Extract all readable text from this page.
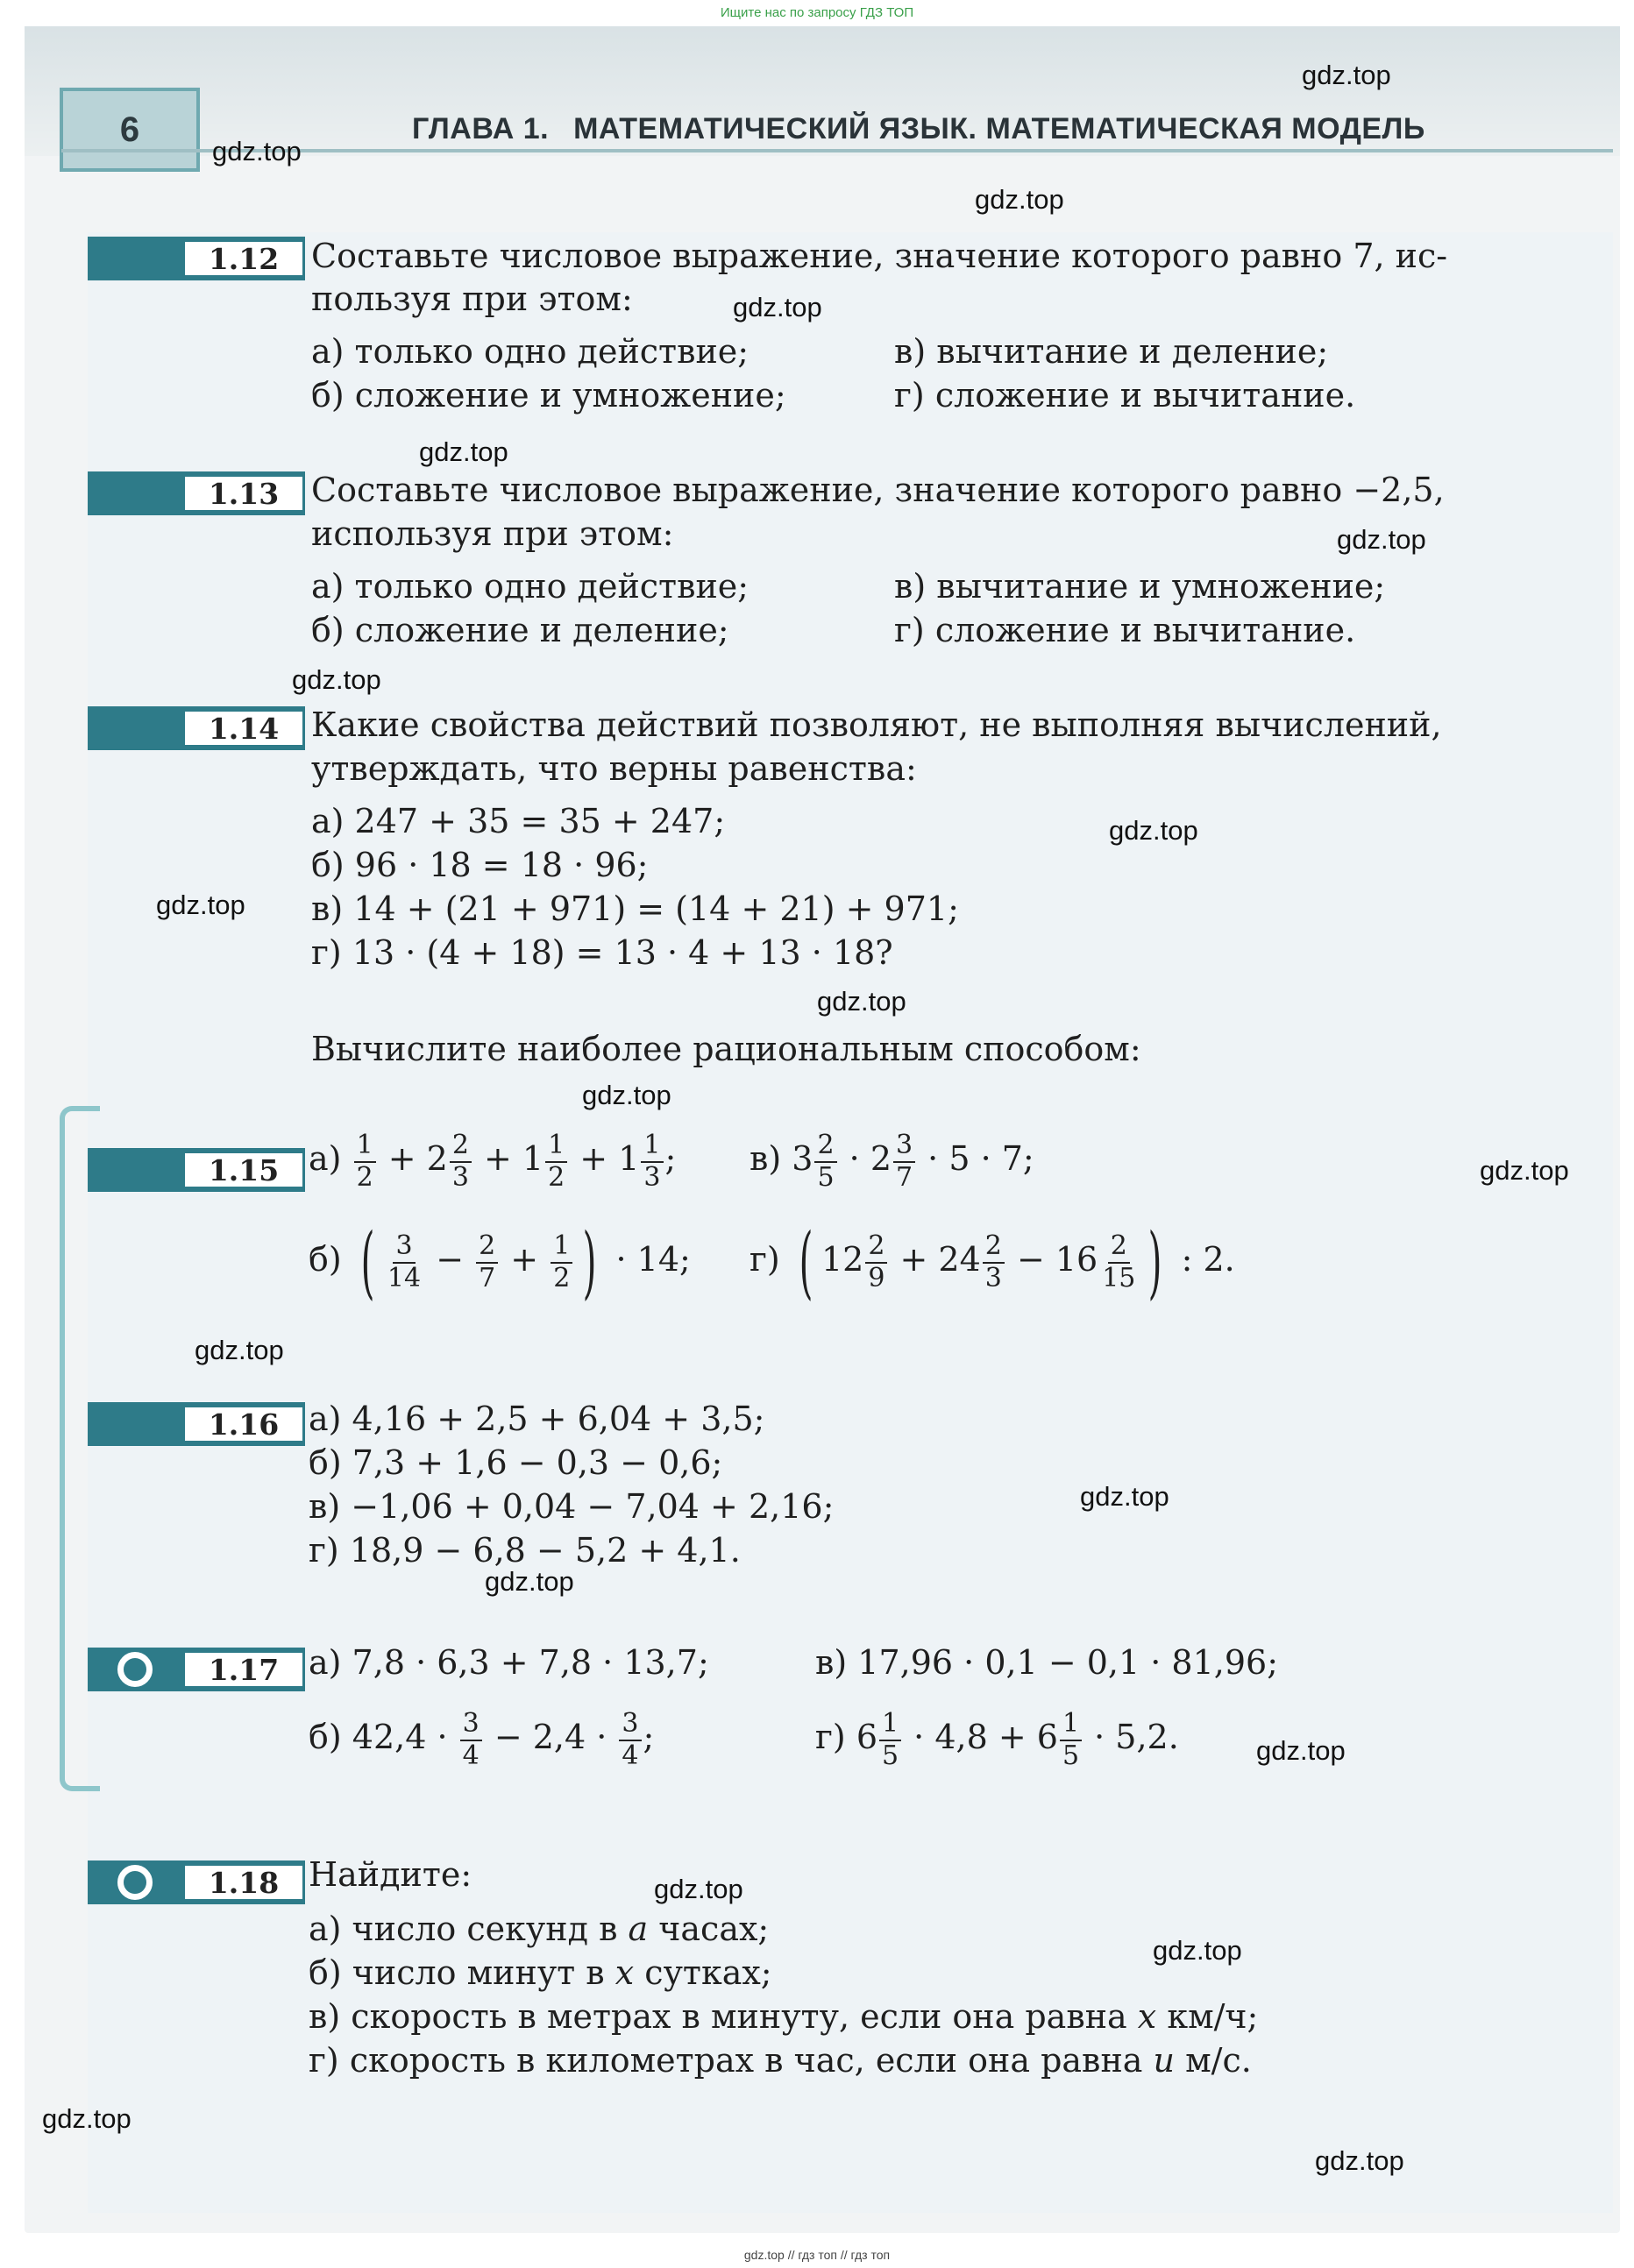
Ищите нас по запросу ГДЗ ТОП
6	ГЛАВА 1. МАТЕМАТИЧЕСКИЙ ЯЗЫК. МАТЕМАТИЧЕСКАЯ МОДЕЛЬ
gdz.top
gdz.top
gdz.top
gdz.top
gdz.top
gdz.top
gdz.top
gdz.top
gdz.top
gdz.top
gdz.top
gdz.top
gdz.top
gdz.top
gdz.top
gdz.top
gdz.top
gdz.top
gdz.top
gdz.top
1.12 Составьте числовое выражение, значение которого равно 7, ис-
пользуя при этом:
а) только одно действие;	в) вычитание и деление;
б) сложение и умножение;	г) сложение и вычитание.
1.13 Составьте числовое выражение, значение которого равно −2,5,
используя при этом:
а) только одно действие;	в) вычитание и умножение;
б) сложение и деление;	г) сложение и вычитание.
1.14 Какие свойства действий позволяют, не выполняя вычислений,
утверждать, что верны равенства:
а) 247 + 35 = 35 + 247;
б) 96 · 18 = 18 · 96;
в) 14 + (21 + 971) = (14 + 21) + 971;
г) 13 · (4 + 18) = 13 · 4 + 13 · 18?
Вычислите наиболее рациональным способом:
1.15 $а) \frac{1}{2} + 2 \frac{2}{3} + 1 \frac{1}{2} + 1 \frac{1}{3}$ ; в) $3 \frac{2}{5} \cdot 2 \frac{3}{7} \cdot 5 \cdot 7$;
б) ( $\frac{3}{14} - \frac{2}{7} + \frac{1}{2}$ ) · 14; г) ( $12 \frac{2}{9} + 24 \frac{2}{3} - 16 \frac{2}{15}$ ) : 2.
1.16 а) 4,16 + 2,5 + 6,04 + 3,5;
б) 7,3 + 1,6 − 0,3 − 0,6;
в) −1,06 + 0,04 − 7,04 + 2,16;
г) 18,9 − 6,8 − 5,2 + 4,1.
1.17 а) 7,8 · 6,3 + 7,8 · 13,7;	в) 17,96 · 0,1 − 0,1 · 81,96;
б) $42,4 \cdot \frac{3}{4} - 2,4 \cdot \frac{3}{4}$ ;	г) $6 \frac{1}{5} \cdot 4,8 + 6 \frac{1}{5} \cdot 5,2$.
1.18 Найдите:
а) число секунд в a часах;
б) число минут в x сутках;
в) скорость в метрах в минуту, если она равна x км/ч;
г) скорость в километрах в час, если она равна u м/с.
gdz.top // гдз топ // гдз топ
